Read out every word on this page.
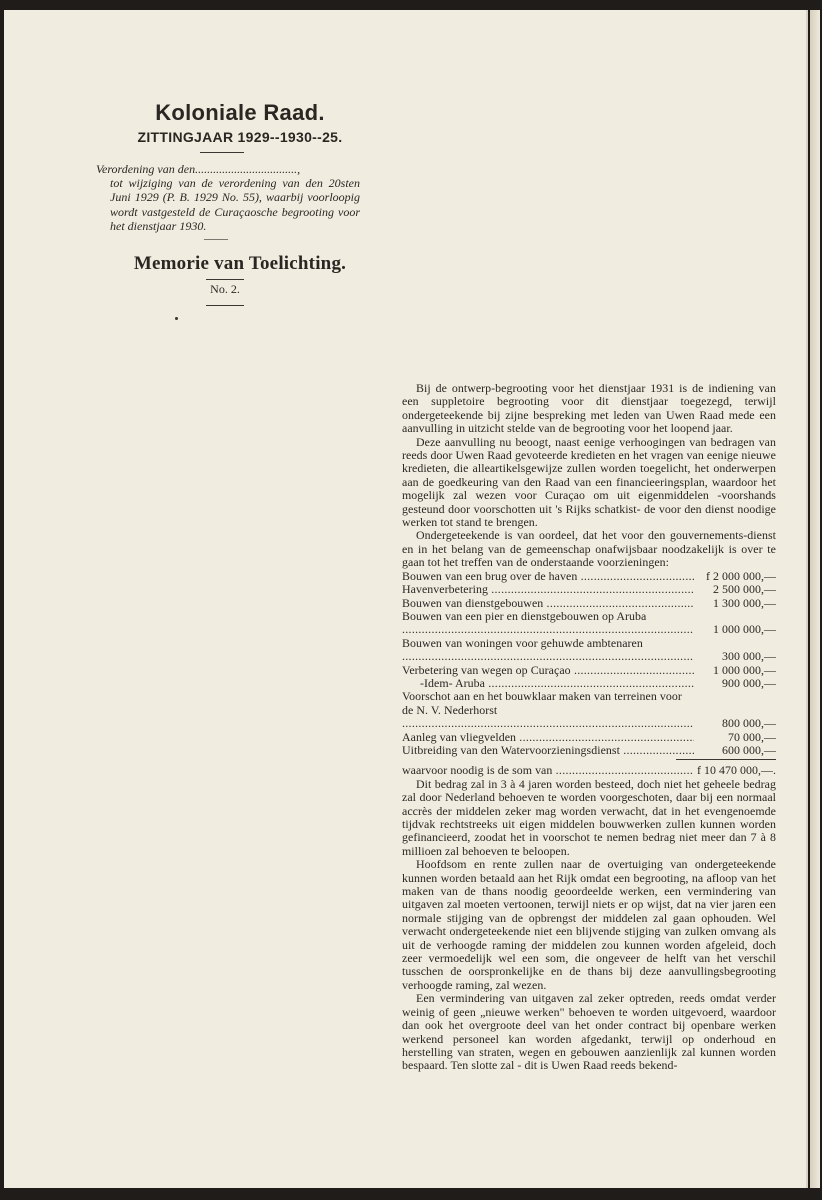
Koloniale Raad.
ZITTINGJAAR 1929--1930--25.
Verordening van den..................................,
tot wijziging van de verordening van den 20sten Juni 1929 (P. B. 1929 No. 55), waarbij voorloopig wordt vastgesteld de Curaçaosche begrooting voor het dienstjaar 1930.
——
Memorie van Toelichting.
No. 2.
Bij de ontwerp-begrooting voor het dienstjaar 1931 is de indiening van een suppletoire begrooting voor dit dienstjaar toegezegd, terwijl ondergeteekende bij zijne bespreking met leden van Uwen Raad mede een aanvulling in uitzicht stelde van de begrooting voor het loopend jaar.
Deze aanvulling nu beoogt, naast eenige verhoogingen van bedragen van reeds door Uwen Raad gevoteerde kredieten en het vragen van eenige nieuwe kredieten, die alleartikelsgewijze zullen worden toegelicht, het onderwerpen aan de goedkeuring van den Raad van een financieeringsplan, waardoor het mogelijk zal wezen voor Curaçao om uit eigenmiddelen -voorshands gesteund door voorschotten uit 's Rijks schatkist- de voor den dienst noodige werken tot stand te brengen.
Ondergeteekende is van oordeel, dat het voor den gouvernements-dienst en in het belang van de gemeenschap onafwijsbaar noodzakelijk is over te gaan tot het treffen van de onderstaande voorzieningen:
Bouwen van een brug over de haven .....	f 2 000 000,—
Havenverbetering .....	2 500 000,—
Bouwen van dienstgebouwen .....	1 300 000,—
Bouwen van een pier en dienstgebouwen op Aruba .....
1 000 000,—
Bouwen van woningen voor gehuwde ambtenaren .....
300 000,—
Verbetering van wegen op Curaçao .....	1 000 000,—
-Idem- Aruba .....	900 000,—
Voorschot aan en het bouwklaar maken van terreinen voor de N. V. Nederhorst .....
800 000,—
Aanleg van vliegvelden .....	70 000,—
Uitbreiding van den Watervoorzieningsdienst .....	600 000,—
waarvoor noodig is de som van .....	f 10 470 000,—.
Dit bedrag zal in 3 à 4 jaren worden besteed, doch niet het geheele bedrag zal door Nederland behoeven te worden voorgeschoten, daar bij een normaal accrès der middelen zeker mag worden verwacht, dat in het evengenoemde tijdvak rechtstreeks uit eigen middelen bouwwerken zullen kunnen worden gefinancieerd, zoodat het in voorschot te nemen bedrag niet meer dan 7 à 8 millioen zal behoeven te beloopen.
Hoofdsom en rente zullen naar de overtuiging van ondergeteekende kunnen worden betaald aan het Rijk omdat een begrooting, na afloop van het maken van de thans noodig geoordeelde werken, een vermindering van uitgaven zal moeten vertoonen, terwijl niets er op wijst, dat na vier jaren een normale stijging van de opbrengst der middelen zal gaan ophouden. Wel verwacht ondergeteekende niet een blijvende stijging van zulken omvang als uit de verhoogde raming der middelen zou kunnen worden afgeleid, doch zeer vermoedelijk wel een som, die ongeveer de helft van het verschil tusschen de oorspronkelijke en de thans bij deze aanvullingsbegrooting verhoogde raming, zal wezen.
Een vermindering van uitgaven zal zeker optreden, reeds omdat verder weinig of geen „nieuwe werken" behoeven te worden uitgevoerd, waardoor dan ook het overgroote deel van het onder contract bij openbare werken werkend personeel kan worden afgedankt, terwijl op onderhoud en herstelling van straten, wegen en gebouwen aanzienlijk zal kunnen worden bespaard. Ten slotte zal - dit is Uwen Raad reeds bekend-
